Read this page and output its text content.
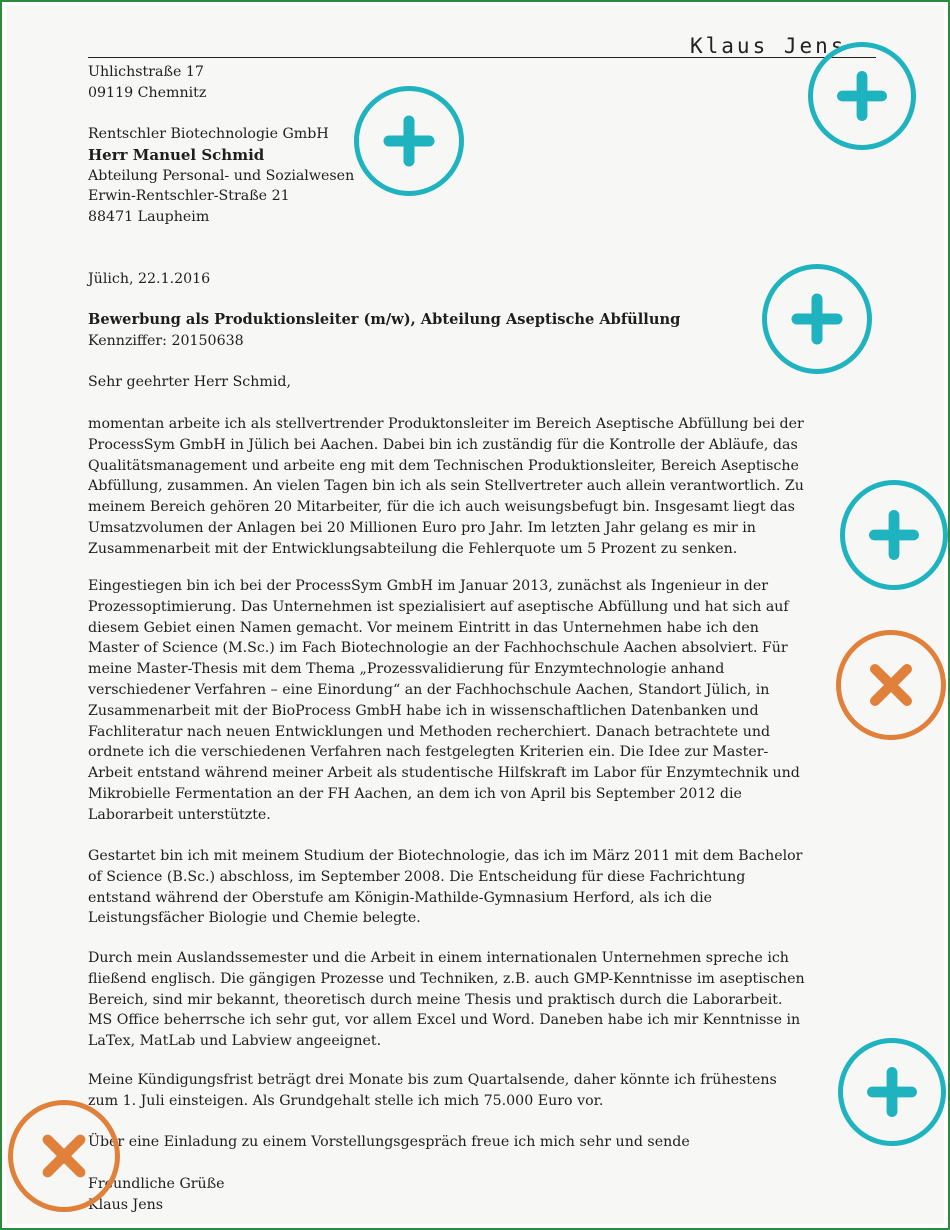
Klaus Jens
Uhlichstraße 17
09119 Chemnitz
Rentschler Biotechnologie GmbH
Herr Manuel Schmid
Abteilung Personal- und Sozialwesen
Erwin-Rentschler-Straße 21
88471 Laupheim
Jülich, 22.1.2016
Bewerbung als Produktionsleiter (m/w), Abteilung Aseptische Abfüllung
Kennziffer: 20150638
Sehr geehrter Herr Schmid,
momentan arbeite ich als stellvertrender Produktonsleiter im Bereich Aseptische Abfüllung bei der
ProcessSym GmbH in Jülich bei Aachen. Dabei bin ich zuständig für die Kontrolle der Abläufe, das
Qualitätsmanagement und arbeite eng mit dem Technischen Produktionsleiter, Bereich Aseptische
Abfüllung, zusammen. An vielen Tagen bin ich als sein Stellvertreter auch allein verantwortlich. Zu
meinem Bereich gehören 20 Mitarbeiter, für die ich auch weisungsbefugt bin. Insgesamt liegt das
Umsatzvolumen der Anlagen bei 20 Millionen Euro pro Jahr. Im letzten Jahr gelang es mir in
Zusammenarbeit mit der Entwicklungsabteilung die Fehlerquote um 5 Prozent zu senken.
Eingestiegen bin ich bei der ProcessSym GmbH im Januar 2013, zunächst als Ingenieur in der
Prozessoptimierung. Das Unternehmen ist spezialisiert auf aseptische Abfüllung und hat sich auf
diesem Gebiet einen Namen gemacht. Vor meinem Eintritt in das Unternehmen habe ich den
Master of Science (M.Sc.) im Fach Biotechnologie an der Fachhochschule Aachen absolviert. Für
meine Master-Thesis mit dem Thema „Prozessvalidierung für Enzymtechnologie anhand
verschiedener Verfahren – eine Einordung“ an der Fachhochschule Aachen, Standort Jülich, in
Zusammenarbeit mit der BioProcess GmbH habe ich in wissenschaftlichen Datenbanken und
Fachliteratur nach neuen Entwicklungen und Methoden recherchiert. Danach betrachtete und
ordnete ich die verschiedenen Verfahren nach festgelegten Kriterien ein. Die Idee zur Master-
Arbeit entstand während meiner Arbeit als studentische Hilfskraft im Labor für Enzymtechnik und
Mikrobielle Fermentation an der FH Aachen, an dem ich von April bis September 2012 die
Laborarbeit unterstützte.
Gestartet bin ich mit meinem Studium der Biotechnologie, das ich im März 2011 mit dem Bachelor
of Science (B.Sc.) abschloss, im September 2008. Die Entscheidung für diese Fachrichtung
entstand während der Oberstufe am Königin-Mathilde-Gymnasium Herford, als ich die
Leistungsfächer Biologie und Chemie belegte.
Durch mein Auslandssemester und die Arbeit in einem internationalen Unternehmen spreche ich
fließend englisch. Die gängigen Prozesse und Techniken, z.B. auch GMP-Kenntnisse im aseptischen
Bereich, sind mir bekannt, theoretisch durch meine Thesis und praktisch durch die Laborarbeit.
MS Office beherrsche ich sehr gut, vor allem Excel und Word. Daneben habe ich mir Kenntnisse in
LaTex, MatLab und Labview angeeignet.
Meine Kündigungsfrist beträgt drei Monate bis zum Quartalsende, daher könnte ich frühestens
zum 1. Juli einsteigen. Als Grundgehalt stelle ich mich 75.000 Euro vor.
Über eine Einladung zu einem Vorstellungsgespräch freue ich mich sehr und sende
Freundliche Grüße
Klaus Jens
